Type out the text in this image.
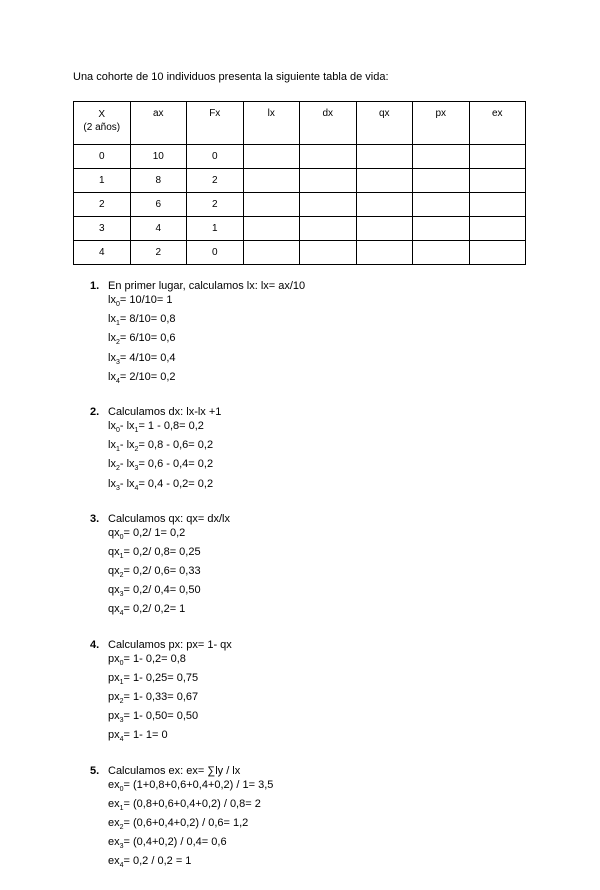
Una cohorte de 10 individuos presenta la siguiente tabla de vida:
X
(2 años)	ax	Fx	lx	dx	qx	px	ex
0	10	0					
1	8	2					
2	6	2					
3	4	1					
4	2	0					
1. En primer lugar, calculamos lx: lx= ax/10
$lx_0= 10/10= 1$
$lx_1= 8/10= 0,8$
$lx_2= 6/10= 0,6$
$lx_3= 4/10= 0,4$
$lx_4= 2/10= 0,2$
2. Calculamos dx: lx-lx +1
$lx_0-$ $lx_1= 1 - 0,8= 0,2$
$lx_1-$ $lx_2= 0,8 - 0,6= 0,2$
$lx_2-$ $lx_3= 0,6 - 0,4= 0,2$
$lx_3-$ $lx_4= 0,4 - 0,2= 0,2$
3. Calculamos qx: qx= dx/lx
$qx_0= 0,2/$ 1= 0,2
$qx_1= 0,2/$ 0,8= 0,25
$qx_2= 0,2/$ 0,6= 0,33
$qx_3= 0,2/$ 0,4= 0,50
$qx_4= 0,2/$ 0,2= 1
4. Calculamos px: px= 1- qx
$px_0= 1-$ 0,2= 0,8
$px_1= 1-$ 0,25= 0,75
$px_2= 1-$ 0,33= 0,67
$px_3= 1-$ 0,50= 0,50
$px_4= 1-$ 1= 0
5. Calculamos ex: ex= ∑ly / lx
$ex_0= (1+0,8+0,6+0,4+0,2) / 1= 3,5$
$ex_1= (0,8+0,6+0,4+0,2) / 0,8= 2$
$ex_2= (0,6+0,4+0,2) / 0,6= 1,2$
$ex_3= (0,4+0,2) / 0,4= 0,6$
$ex_4= 0,2 / 0,2 = 1$
